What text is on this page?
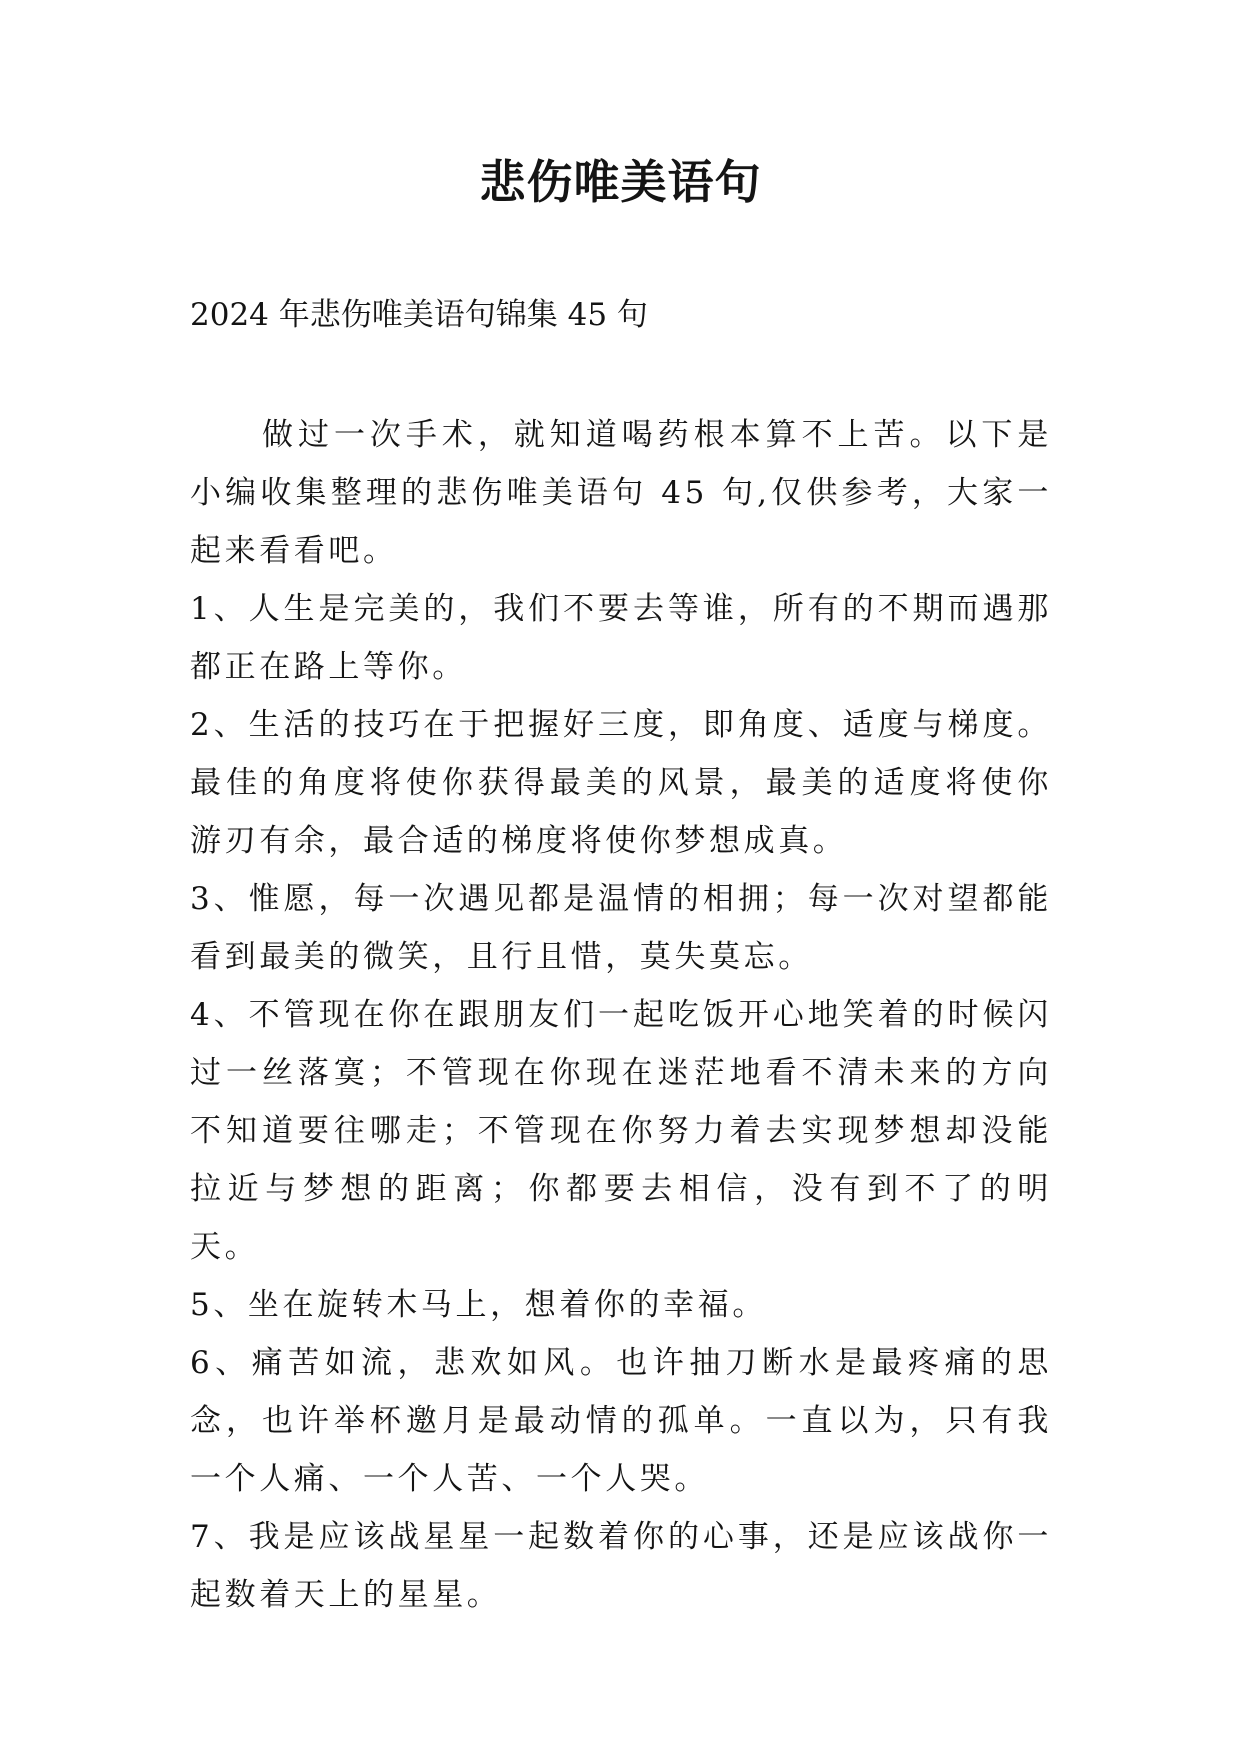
悲伤唯美语句

2024 年悲伤唯美语句锦集 45 句

做过一次手术，就知道喝药根本算不上苦。以下是小编收集整理的悲伤唯美语句 45 句,仅供参考，大家一起来看看吧。

1、人生是完美的，我们不要去等谁，所有的不期而遇那都正在路上等你。

2、生活的技巧在于把握好三度，即角度、适度与梯度。最佳的角度将使你获得最美的风景，最美的适度将使你游刃有余，最合适的梯度将使你梦想成真。

3、惟愿，每一次遇见都是温情的相拥；每一次对望都能看到最美的微笑，且行且惜，莫失莫忘。

4、不管现在你在跟朋友们一起吃饭开心地笑着的时候闪过一丝落寞；不管现在你现在迷茫地看不清未来的方向不知道要往哪走；不管现在你努力着去实现梦想却没能拉近与梦想的距离；你都要去相信，没有到不了的明天。

5、坐在旋转木马上，想着你的幸福。

6、痛苦如流，悲欢如风。也许抽刀断水是最疼痛的思念，也许举杯邀月是最动情的孤单。一直以为，只有我一个人痛、一个人苦、一个人哭。

7、我是应该战星星一起数着你的心事，还是应该战你一起数着天上的星星。
